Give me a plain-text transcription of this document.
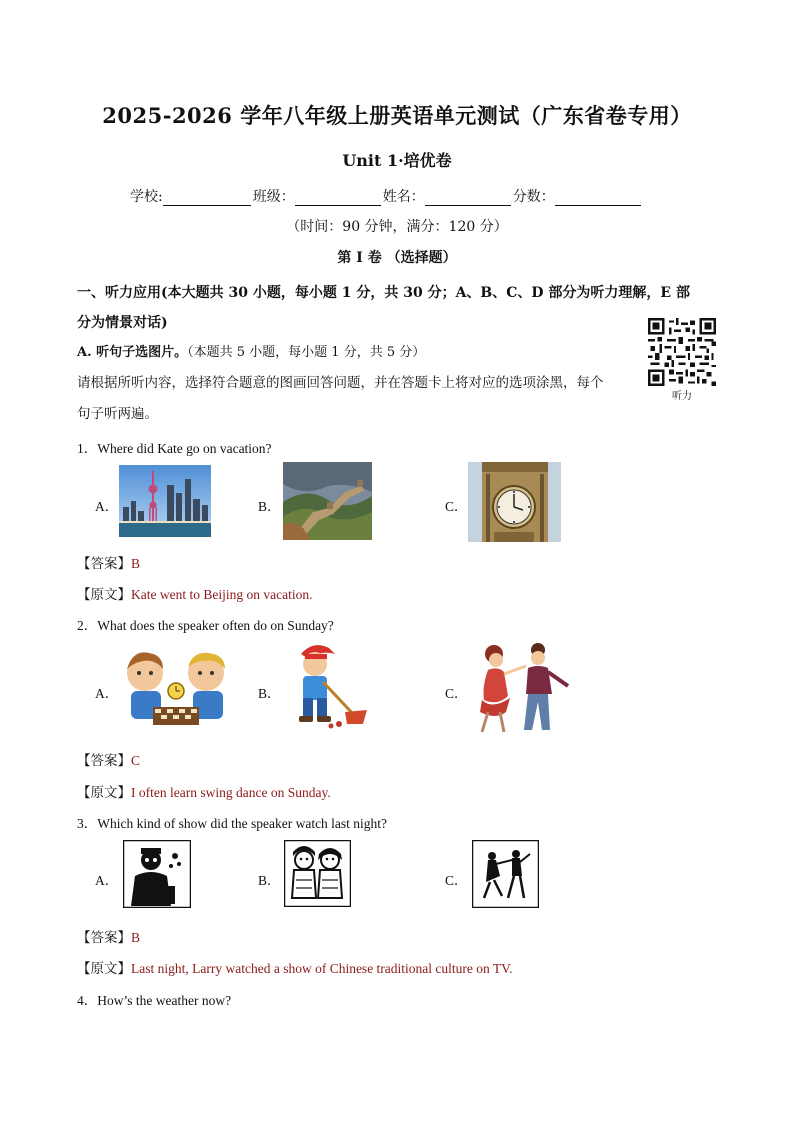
2025-2026 学年八年级上册英语单元测试（广东省卷专用）
Unit 1·培优卷
学校:	班级：	姓名：	分数：
（时间：90 分钟，满分：120 分）
第 I 卷 （选择题）
一、听力应用(本大题共 30 小题，每小题 1 分，共 30 分；A、B、C、D 部分为听力理解，E 部
分为情景对话)
A. 听句子选图片。（本题共 5 小题，每小题 1 分，共 5 分）
请根据所听内容，选择符合题意的图画回答问题，并在答题卡上将对应的选项涂黑，每个
句子听两遍。
听力
1．Where did Kate go on vacation?
A．	B．	C．
【答案】B
【原文】Kate went to Beijing on vacation.
2．What does the speaker often do on Sunday?
A．	B．	C．
【答案】C
【原文】I often learn swing dance on Sunday.
3．Which kind of show did the speaker watch last night?
A．	B．	C．
【答案】B
【原文】Last night, Larry watched a show of Chinese traditional culture on TV.
4．How’s the weather now?
